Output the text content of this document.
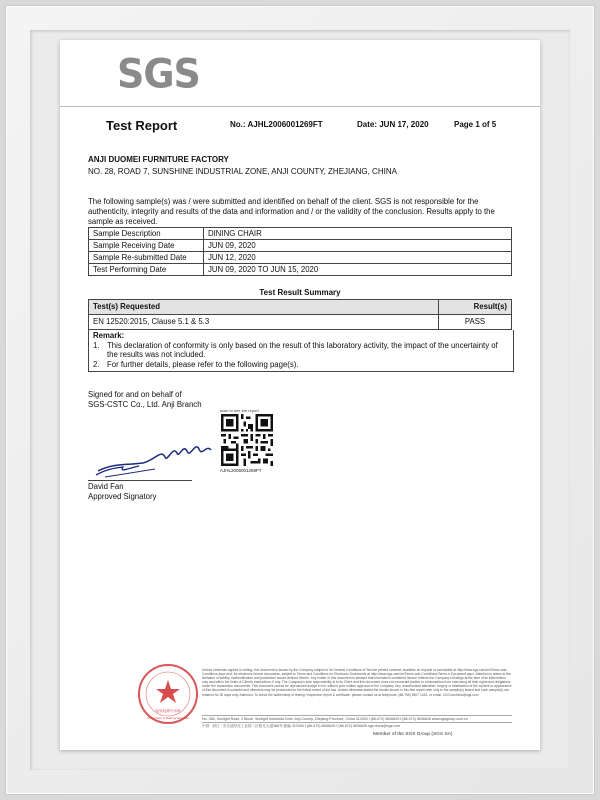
SGS
Test Report	No.: AJHL2006001269FT	Date: JUN 17, 2020	Page 1 of 5
ANJI DUOMEI FURNITURE FACTORY
NO. 28, ROAD 7, SUNSHINE INDUSTRIAL ZONE, ANJI COUNTY, ZHEJIANG, CHINA
The following sample(s) was / were submitted and identified on behalf of the client. SGS is not responsible for the authenticity, integrity and results of the data and information and / or the validity of the conclusion. Results apply to the sample as received.
Sample Description	DINING CHAIR
Sample Receiving Date	JUN 09, 2020
Sample Re-submitted Date	JUN 12, 2020
Test Performing Date	JUN 09, 2020 TO JUN 15, 2020
Test Result Summary
Test(s) Requested	Result(s)
EN 12520:2015, Clause 5.1 & 5.3	PASS
Remark:
1. This declaration of conformity is only based on the result of this laboratory activity, the impact of the uncertainty of the results was not included.
2. For further details, please refer to the following page(s).
Signed for and on behalf of
SGS-CSTC Co., Ltd. Anji Branch
scan to see the report
AJHL2006001269FT
David Fan
Approved Signatory
检验检测专用章
Inspection & Testing Services
Unless otherwise agreed in writing, this document is issued by the Company subject to its General Conditions of Service printed overleaf, available on request or accessible at http://www.sgs.com/en/Terms-and-Conditions.aspx and, for electronic format documents, subject to Terms and Conditions for Electronic Documents at http://www.sgs.com/en/Terms-and-Conditions/Terms-e-Document.aspx. Attention is drawn to the limitation of liability, indemnification and jurisdiction issues defined therein. Any holder of this document is advised that information contained hereon reflects the Company's findings at the time of its intervention only and within the limits of Client's instructions, if any. The Company's sole responsibility is to its Client and this document does not exonerate parties to a transaction from exercising all their rights and obligations under the transaction documents. This document cannot be reproduced except in full, without prior written approval of the Company. Any unauthorized alteration, forgery or falsification of the content or appearance of this document is unlawful and offenders may be prosecuted to the fullest extent of the law. Unless otherwise stated the results shown in this test report refer only to the sample(s) tested and such sample(s) are retained for 30 days only. Attention: To check the authenticity of testing / inspection report & certificate, please contact us at telephone: (86-755) 8307 1443, or email: CN.Doccheck@sgs.com
No. 366, Sunlight Road, 2 Block, Sunlight Industrial Zone, Anji County, Zhejiang Province, China 313300 t (86-572) 5636625 f (86-572) 5636626 www.sgsgroup.com.cn
中国 · 浙江 · 安吉县阳光工业园二区阳光大道366号 邮编 313300 t (86-572) 5636625 f (86-572) 5636626 sgs.china@sgs.com
Member of the SGS Group (SGS SA)
